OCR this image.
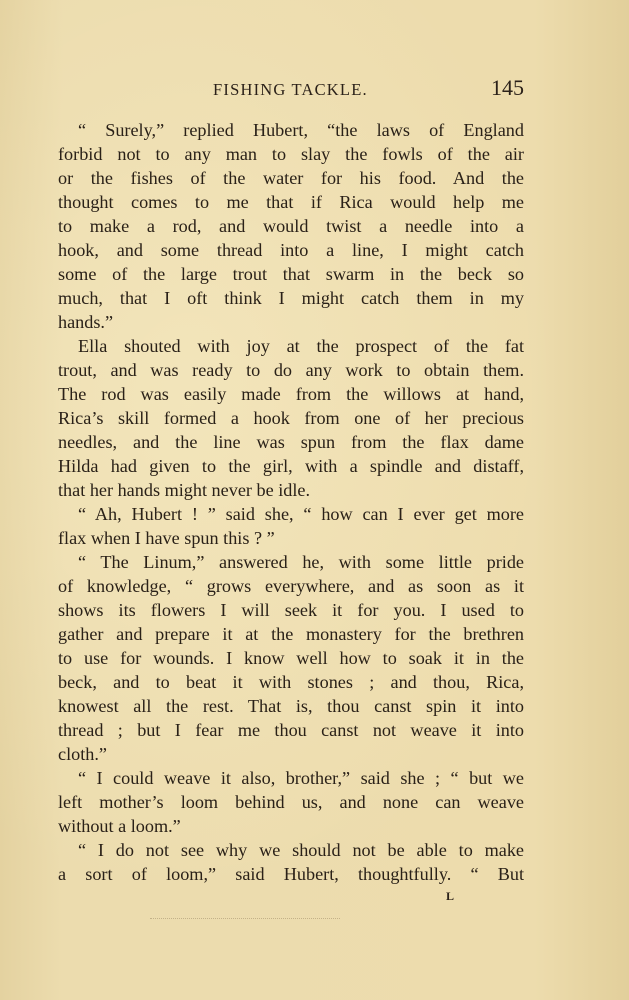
FISHING TACKLE.	145
“ Surely,” replied Hubert, “the laws of England
forbid not to any man to slay the fowls of the air
or the fishes of the water for his food. And the
thought comes to me that if Rica would help me
to make a rod, and would twist a needle into a
hook, and some thread into a line, I might catch
some of the large trout that swarm in the beck so
much, that I oft think I might catch them in my
hands.”
Ella shouted with joy at the prospect of the fat
trout, and was ready to do any work to obtain them.
The rod was easily made from the willows at hand,
Rica’s skill formed a hook from one of her precious
needles, and the line was spun from the flax dame
Hilda had given to the girl, with a spindle and distaff,
that her hands might never be idle.
“ Ah, Hubert ! ” said she, “ how can I ever get more
flax when I have spun this ? ”
“ The Linum,” answered he, with some little pride
of knowledge, “ grows everywhere, and as soon as it
shows its flowers I will seek it for you. I used to
gather and prepare it at the monastery for the brethren
to use for wounds. I know well how to soak it in the
beck, and to beat it with stones ; and thou, Rica,
knowest all the rest. That is, thou canst spin it into
thread ; but I fear me thou canst not weave it into
cloth.”
“ I could weave it also, brother,” said she ; “ but we
left mother’s loom behind us, and none can weave
without a loom.”
“ I do not see why we should not be able to make
a sort of loom,” said Hubert, thoughtfully. “ But
L
